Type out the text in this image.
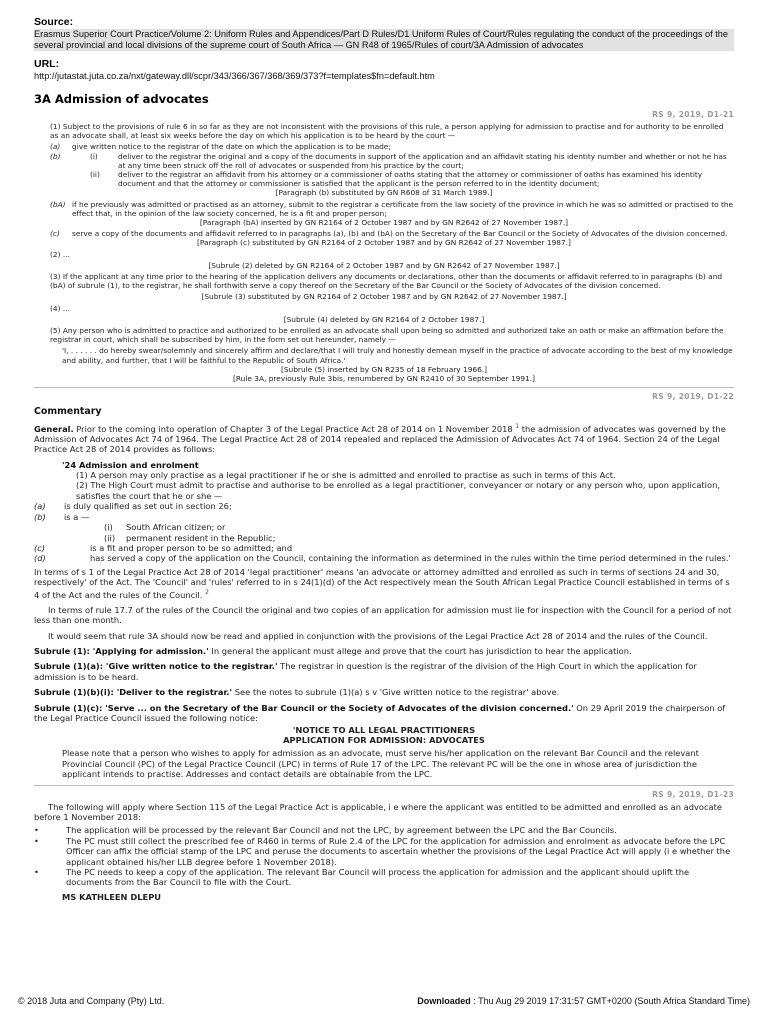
Source:
Erasmus Superior Court Practice/Volume 2: Uniform Rules and Appendices/Part D Rules/D1 Uniform Rules of Court/Rules regulating the conduct of the proceedings of the several provincial and local divisions of the supreme court of South Africa — GN R48 of 1965/Rules of court/3A Admission of advocates
URL:
http://jutastat.juta.co.za/nxt/gateway.dll/scpr/343/366/367/368/369/373?f=templates$fn=default.htm
3A Admission of advocates
RS 9, 2019, D1-21

(1) Subject to the provisions of rule 6 in so far as they are not inconsistent with the provisions of this rule, a person applying for admission to practise and for authority to be enrolled as an advocate shall, at least six weeks before the day on which his application is to be heard by the court —

(a)	give written notice to the registrar of the date on which the application is to be made;
(b)	(i)	deliver to the registrar the original and a copy of the documents in support of the application and an affidavit stating his identity number and whether or not he has at any time been struck off the roll of advocates or suspended from his practice by the court;
(ii)	deliver to the registrar an affidavit from his attorney or a commissioner of oaths stating that the attorney or commissioner of oaths has examined his identity document and that the attorney or commissioner is satisfied that the applicant is the person referred to in the identity document;
[Paragraph (b) substituted by GN R608 of 31 March 1989.]
(bA) if he previously was admitted or practised as an attorney, submit to the registrar a certificate from the law society of the province in which he was so admitted or practised to the effect that, in the opinion of the law society concerned, he is a fit and proper person;
[Paragraph (bA) inserted by GN R2164 of 2 October 1987 and by GN R2642 of 27 November 1987.]
(c)	serve a copy of the documents and affidavit referred to in paragraphs (a), (b) and (bA) on the Secretary of the Bar Council or the Society of Advocates of the division concerned.
[Paragraph (c) substituted by GN R2164 of 2 October 1987 and by GN R2642 of 27 November 1987.]

(2) ...

[Subrule (2) deleted by GN R2164 of 2 October 1987 and by GN R2642 of 27 November 1987.]

(3) If the applicant at any time prior to the hearing of the application delivers any documents or declarations, other than the documents or affidavit referred to in paragraphs (b) and (bA) of subrule (1), to the registrar, he shall forthwith serve a copy thereof on the Secretary of the Bar Council or the Society of Advocates of the division concerned.

[Subrule (3) substituted by GN R2164 of 2 October 1987 and by GN R2642 of 27 November 1987.]

(4) ...

[Subrule (4) deleted by GN R2164 of 2 October 1987.]

(5) Any person who is admitted to practice and authorized to be enrolled as an advocate shall upon being so admitted and authorized take an oath or make an affirmation before the registrar in court, which shall be subscribed by him, in the form set out hereunder, namely —

'I, . . . . . . do hereby swear/solemnly and sincerely affirm and declare/that I will truly and honestly demean myself in the practice of advocate according to the best of my knowledge and ability, and further, that I will be faithful to the Republic of South Africa.'

[Subrule (5) inserted by GN R235 of 18 February 1966.]
[Rule 3A, previously Rule 3bis, renumbered by GN R2410 of 30 September 1991.]
RS 9, 2019, D1-22
Commentary

General. Prior to the coming into operation of Chapter 3 of the Legal Practice Act 28 of 2014 on 1 November 2018 $^1$ the admission of advocates was governed by the Admission of Advocates Act 74 of 1964. The Legal Practice Act 28 of 2014 repealed and replaced the Admission of Advocates Act 74 of 1964. Section 24 of the Legal Practice Act 28 of 2014 provides as follows:

'24 Admission and enrolment
(1) A person may only practise as a legal practitioner if he or she is admitted and enrolled to practise as such in terms of this Act.
(2) The High Court must admit to practise and authorise to be enrolled as a legal practitioner, conveyancer or notary or any person who, upon application, satisfies the court that he or she —
(a)	is duly qualified as set out in section 26;
(b)	is a —
(i)	South African citizen; or
(ii)	permanent resident in the Republic;
(c)	is a fit and proper person to be so admitted; and
(d)	has served a copy of the application on the Council, containing the information as determined in the rules within the time period determined in the rules.'

In terms of s 1 of the Legal Practice Act 28 of 2014 'legal practitioner' means 'an advocate or attorney admitted and enrolled as such in terms of sections 24 and 30, respectively' of the Act. The 'Council' and 'rules' referred to in s 24(1)(d) of the Act respectively mean the South African Legal Practice Council established in terms of s 4 of the Act and the rules of the Council. $^2$

In terms of rule 17.7 of the rules of the Council the original and two copies of an application for admission must lie for inspection with the Council for a period of not less than one month.

It would seem that rule 3A should now be read and applied in conjunction with the provisions of the Legal Practice Act 28 of 2014 and the rules of the Council.

Subrule (1): 'Applying for admission.' In general the applicant must allege and prove that the court has jurisdiction to hear the application.

Subrule (1)(a): 'Give written notice to the registrar.' The registrar in question is the registrar of the division of the High Court in which the application for admission is to be heard.

Subrule (1)(b)(i): 'Deliver to the registrar.' See the notes to subrule (1)(a) s v 'Give written notice to the registrar' above.

Subrule (1)(c): 'Serve ... on the Secretary of the Bar Council or the Society of Advocates of the division concerned.' On 29 April 2019 the chairperson of the Legal Practice Council issued the following notice:

'NOTICE TO ALL LEGAL PRACTITIONERS
APPLICATION FOR ADMISSION: ADVOCATES

Please note that a person who wishes to apply for admission as an advocate, must serve his/her application on the relevant Bar Council and the relevant Provincial Council (PC) of the Legal Practice Council (LPC) in terms of Rule 17 of the LPC. The relevant PC will be the one in whose area of jurisdiction the applicant intends to practise. Addresses and contact details are obtainable from the LPC.

RS 9, 2019, D1-23

The following will apply where Section 115 of the Legal Practice Act is applicable, i e where the applicant was entitled to be admitted and enrolled as an advocate before 1 November 2018:

•	The application will be processed by the relevant Bar Council and not the LPC, by agreement between the LPC and the Bar Councils.
•	The PC must still collect the prescribed fee of R460 in terms of Rule 2.4 of the LPC for the application for admission and enrolment as advocate before the LPC Officer can affix the official stamp of the LPC and peruse the documents to ascertain whether the provisions of the Legal Practice Act will apply (i e whether the applicant obtained his/her LLB degree before 1 November 2018).
•	The PC needs to keep a copy of the application. The relevant Bar Council will process the application for admission and the applicant should uplift the documents from the Bar Council to file with the Court.
MS KATHLEEN DLEPU
© 2018 Juta and Company (Pty) Ltd.	Downloaded : Thu Aug 29 2019 17:31:57 GMT+0200 (South Africa Standard Time)
